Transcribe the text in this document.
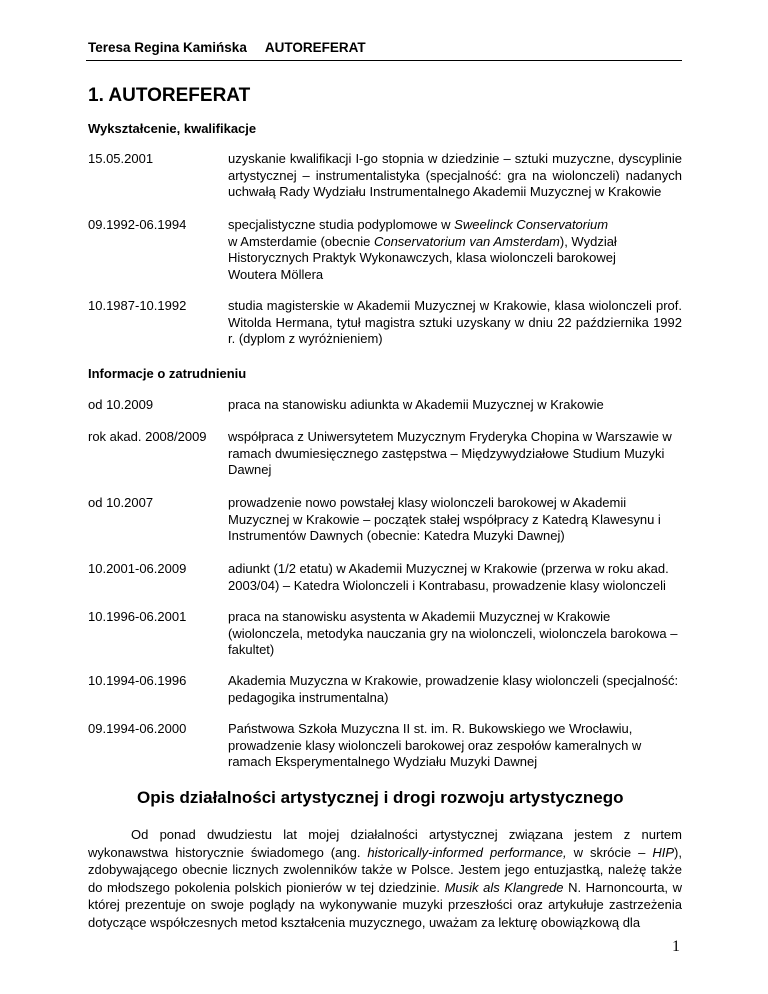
Teresa Regina Kamińska AUTOREFERAT
1. AUTOREFERAT
Wykształcenie, kwalifikacje
15.05.2001	uzyskanie kwalifikacji I-go stopnia w dziedzinie – sztuki muzyczne, dyscyplinie artystycznej – instrumentalistyka (specjalność: gra na wiolonczeli) nadanych uchwałą Rady Wydziału Instrumentalnego Akademii Muzycznej w Krakowie
09.1992-06.1994	specjalistyczne studia podyplomowe w Sweelinck Conservatorium
w Amsterdamie (obecnie Conservatorium van Amsterdam), Wydział
Historycznych Praktyk Wykonawczych, klasa wiolonczeli barokowej
Woutera Möllera
10.1987-10.1992	studia magisterskie w Akademii Muzycznej w Krakowie, klasa wiolonczeli prof. Witolda Hermana, tytuł magistra sztuki uzyskany w dniu 22 października 1992 r. (dyplom z wyróżnieniem)
Informacje o zatrudnieniu
od 10.2009	praca na stanowisku adiunkta w Akademii Muzycznej w Krakowie
rok akad. 2008/2009	współpraca z Uniwersytetem Muzycznym Fryderyka Chopina w Warszawie w ramach dwumiesięcznego zastępstwa – Międzywydziałowe Studium Muzyki Dawnej
od 10.2007	prowadzenie nowo powstałej klasy wiolonczeli barokowej w Akademii Muzycznej w Krakowie – początek stałej współpracy z Katedrą Klawesynu i Instrumentów Dawnych (obecnie: Katedra Muzyki Dawnej)
10.2001-06.2009	adiunkt (1/2 etatu) w Akademii Muzycznej w Krakowie (przerwa w roku akad. 2003/04) – Katedra Wiolonczeli i Kontrabasu, prowadzenie klasy wiolonczeli
10.1996-06.2001	praca na stanowisku asystenta w Akademii Muzycznej w Krakowie (wiolonczela, metodyka nauczania gry na wiolonczeli, wiolonczela barokowa – fakultet)
10.1994-06.1996	Akademia Muzyczna w Krakowie, prowadzenie klasy wiolonczeli (specjalność: pedagogika instrumentalna)
09.1994-06.2000	Państwowa Szkoła Muzyczna II st. im. R. Bukowskiego we Wrocławiu, prowadzenie klasy wiolonczeli barokowej oraz zespołów kameralnych w ramach Eksperymentalnego Wydziału Muzyki Dawnej
Opis działalności artystycznej i drogi rozwoju artystycznego

Od ponad dwudziestu lat mojej działalności artystycznej związana jestem z nurtem wykonawstwa historycznie świadomego (ang. historically-informed performance, w skrócie – HIP), zdobywającego obecnie licznych zwolenników także w Polsce. Jestem jego entuzjastką, należę także do młodszego pokolenia polskich pionierów w tej dziedzinie. Musik als Klangrede N. Harnoncourta, w której prezentuje on swoje poglądy na wykonywanie muzyki przeszłości oraz artykułuje zastrzeżenia dotyczące współczesnych metod kształcenia muzycznego, uważam za lekturę obowiązkową dla

1
